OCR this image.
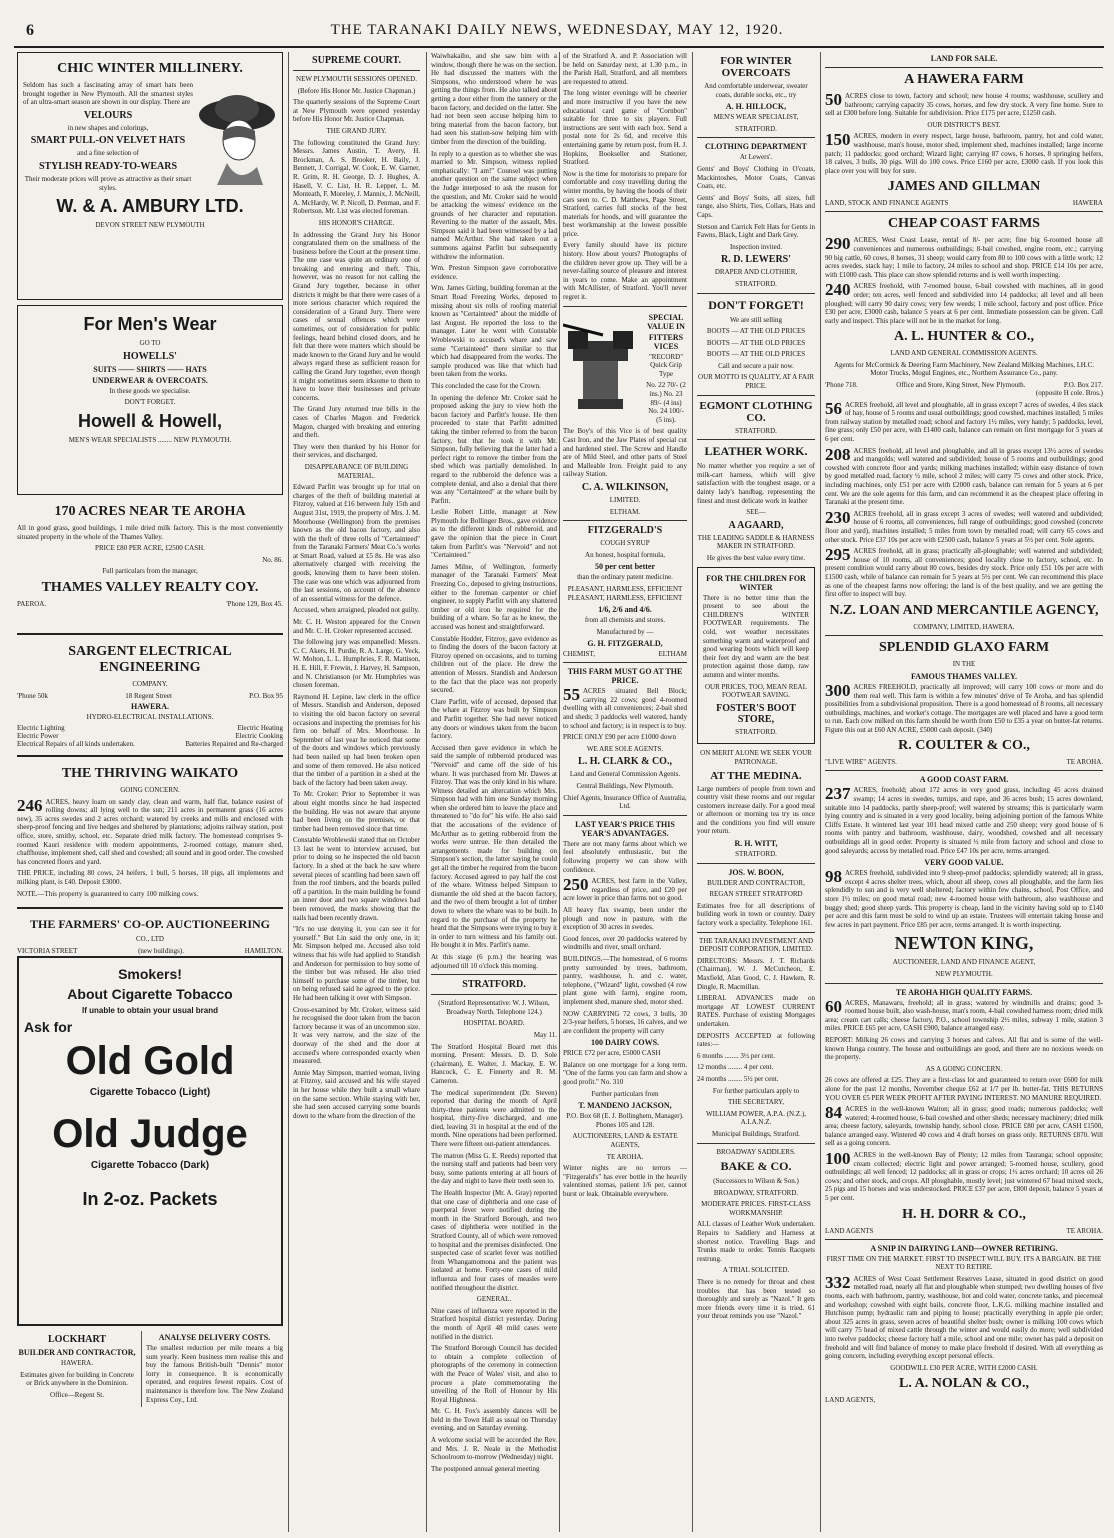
6	THE TARANAKI DAILY NEWS, WEDNESDAY, MAY 12, 1920.
CHIC WINTER MILLINERY.
Seldom has such a fascinating array of smart hats been brought together in New Plymouth. All the smartest styles of an ultra-smart season are shown in our display. There are
VELOURS
in new shapes and colorings,
SMART PULL-ON VELVET HATS
and a fine selection of
STYLISH READY-TO-WEARS
Their moderate prices will prove as attractive as their smart styles.
W. & A. AMBURY LTD.
DEVON STREET NEW PLYMOUTH
For Men's Wear
GO TO
HOWELLS'
SUITS —— SHIRTS —— HATS
UNDERWEAR & OVERCOATS.
In these goods we specialise.
DON'T FORGET.
Howell & Howell,
MEN'S WEAR SPECIALISTS ........ NEW PLYMOUTH.
170 ACRES NEAR TE AROHA
All in good grass, good buildings, 1 mile dried milk factory. This is the most conveniently situated property in the whole of the Thames Valley.
PRICE £80 PER ACRE, £2500 CASH.
No. 86.
Full particulars from the manager,
THAMES VALLEY REALTY COY.
PAEROA.	'Phone 129, Box 45.
SARGENT ELECTRICAL ENGINEERING
COMPANY.
'Phone 50k	18 Regent Street	P.O. Box 95
HAWERA.
HYDRO-ELECTRICAL INSTALLATIONS.
Electric Lighting	Electric Heating
Electric Power	Electric Cooking
Electrical Repairs of all kinds undertaken.	Batteries Repaired and Re-charged
THE THRIVING WAIKATO
GOING CONCERN.
246 ACRES, heavy loam on sandy clay, clean and warm, half flat, balance easiest of rolling downs; all lying well to the sun; 211 acres in permanent grass (16 acres new), 35 acres swedes and 2 acres orchard; watered by creeks and mills and enclosed with sheep-proof fencing and live hedges and sheltered by plantations; adjoins railway station, post office, store, smithy, school, etc. Separate dried milk factory. The homestead comprises 9-roomed Kauri residence with modern appointments, 2-roomed cottage, manure shed, chaffhouse, implement shed, calf shed and cowshed; all sound and in good order. The cowshed has concreted floors and yard.
THE PRICE, including 80 cows, 24 heifers, 1 bull, 5 horses, 18 pigs, all implements and milking plant, is £40. Deposit £3000.
NOTE.—This property is guaranteed to carry 100 milking cows.
THE FARMERS' CO-OP. AUCTIONEERING
CO., LTD
VICTORIA STREET	(new buildings).	HAMILTON.
Smokers!
About Cigarette Tobacco
If unable to obtain your usual brand
Ask for
Old Gold
Cigarette Tobacco (Light)
Old Judge
Cigarette Tobacco (Dark)
In 2-oz. Packets
LOCKHART
BUILDER AND CONTRACTOR,
HAWERA.
Estimates given for building in Concrete or Brick anywhere in the Dominion.
Office—Regent St.
ANALYSE DELIVERY COSTS.
The smallest reduction per mile means a big sum yearly. Keen business men realise this and buy the famous British-built "Dennis" motor lorry in consequence. It is economically operated, and requires fewest repairs. Cost of maintenance is therefore low. The New Zealand Express Coy., Ltd.
SUPREME COURT.
NEW PLYMOUTH SESSIONS OPENED.
(Before His Honor Mr. Justice Chapman.)
The quarterly sessions of the Supreme Court at New Plymouth were opened yesterday before His Honor Mr. Justice Chapman.
THE GRAND JURY.
The following constituted the Grand Jury: Messrs. James Austin, T. Avery, H. Brockman, A. S. Brooker, H. Baily, J. Bennett, J. Corrigal, W. Cook, E. W. Garner, R. Grim, R. H. George, D. J. Hughes, A. Hasell, V. C. List, H. R. Lepper, L. M. Monteath, F. Moreley, J. Mannix, J. McNeill, A. McHardy, W. P. Nicoll, D. Penman, and F. Robertson. Mr. List was elected foreman.
HIS HONOR'S CHARGE.
In addressing the Grand Jury his Honor congratulated them on the smallness of the business before the Court at the present time. The one case was quite an ordinary one of breaking and entering and theft. This, however, was no reason for not calling the Grand Jury together, because in other districts it might be that there were cases of a more serious character which required the consideration of a Grand Jury. There were cases of sexual offences which were sometimes, out of consideration for public feelings, heard behind closed doors, and he felt that there were matters which should be made known to the Grand Jury and he would always regard these as sufficient reason for calling the Grand Jury together, even though it might sometimes seem irksome to them to have to leave their businesses and private concerns.
The Grand Jury returned true bills in the cases of Charles Magon and Frederick Magon, charged with breaking and entering and theft.
They were then thanked by his Honor for their services, and discharged.
DISAPPEARANCE OF BUILDING MATERIAL.
Edward Parfitt was brought up for trial on charges of the theft of building material at Fitzroy, valued at £16 between July 15th and August 31st, 1919, the property of Mrs. J. M. Moorhouse (Wellington) from the premises known as the old bacon factory, and also with the theft of three rolls of "Certainteed" from the Taranaki Farmers' Meat Co.'s works at Smart Road, valued at £5 8s. He was also alternatively charged with receiving the goods, knowing them to have been stolen. The case was one which was adjourned from the last sessions, on account of the absence of an essential witness for the defence.
Accused, when arraigned, pleaded not guilty.
Mr. C. H. Weston appeared for the Crown and Mr. C. H. Croker represented accused.
The following jury was empanelled: Messrs. C. C. Akers, H. Purdie, R. A. Large, G. Veck, W. Molton, L. L. Humphries, F. R. Mattison, H. E. Hill, F. Frewin, J. Harvey, H. Sampson, and N. Christianson (or Mr. Humphries was chosen foreman.
Raymond H. Lepine, law clerk in the office of Messrs. Standish and Anderson, deposed to visiting the old bacon factory on several occasions and inspecting the premises for his firm on behalf of Mrs. Moorhouse. In September of last year he noticed that some of the doors and windows which previously had been nailed up had been broken open and some of them removed. He also noticed that the timber of a partition in a shed at the back of the factory had been taken away.
To Mr. Croker: Prior to September it was about eight months since he had inspected the building. He was not aware that anyone had been living on the premises, or that timber had been removed since that time.
Constable Wroblewski stated that on October 13 last he went to interview accused, but prior to doing so he inspected the old bacon factory. In a shed at the back he saw where several pieces of scantling had been sawn off from the roof timbers, and the boards pulled off a partition. In the main building he found an inner door and two square windows had been removed, the marks showing that the nails had been recently drawn.
"It's no use denying it, you can see it for yourself." But Lin said the only one, in it; Mr. Simpson helped me. Accused also told witness that his wife had applied to Standish and Anderson for permission to buy some of the timber but was refused. He also tried himself to purchase some of the timber, but on being refused said he agreed to the price. He had been talking it over with Simpson.
Cross-examined by Mr. Croker, witness said he recognised the door taken from the bacon factory because it was of an uncommon size. It was very narrow, and the size of the doorway of the shed and the door at accused's where corresponded exactly when measured.
Annie May Simpson, married woman, living at Fitzroy, said accused and his wife stayed in her house while they built a small whare on the same section. While staying with her, she had seen accused carrying some boards down to the whare from the direction of the
Waiwhakaiho, and she saw him with a window, though there he was on the section. He had discussed the matters with the Simpsons, who understood where he was getting the things from. He also talked about getting a door either from the tannery or the bacon factory, and decided on the latter. She had not been seen accuse helping him to bring material from the bacon factory, but had seen his station-sow helping him with timber from the direction of the building.
In reply to a question as to whether she was married to Mr. Simpson, witness replied emphatically: "I am!" Counsel was putting another question on the same subject when the Judge interposed to ask the reason for the question, and Mr. Croker said he would be attacking the witness' evidence on the grounds of her character and reputation. Reverting to the matter of the assault, Mrs. Simpson said it had been witnessed by a lad named McArthur. She had taken out a summons against Parfitt but subsequently withdrew the information.
Wm. Preston Simpson gave corroborative evidence.
Wm. James Girling, building foreman at the Smart Road Freezing Works, deposed to missing about six rolls of roofing material known as "Certainteed" about the middle of last August. He reported the loss to the manager. Later he went with Constable Wroblewski to accused's whare and saw some "Certainteed" there similar to that which had disappeared from the works. The sample produced was like that which had been taken from the works.
This concluded the case for the Crown.
In opening the defence Mr. Croker said he proposed asking the jury to view both the bacon factory and Parfitt's house. He then proceeded to state that Parfitt admitted taking the timber referred to from the bacon factory, but that he took it with Mr. Simpson, fully believing that the latter had a perfect right to remove the timber from the shed which was partially demolished. In regard to the rubberoid the defence was a complete denial, and also a denial that there was any "Certainteed" at the whare built by Parfitt.
Leslie Robert Little, manager at New Plymouth for Bollinger Bros., gave evidence as to the different kinds of rubberoid, and gave the opinion that the piece in Court taken from Parfitt's was "Nervoid" and not "Certainteed."
James Milne, of Wellington, formerly manager of the Taranaki Farmers' Meat Freezing Co., deposed to giving instructions, either to the foreman carpenter or chief engineer, to supply Parfitt with any shattered timber or old iron he required for the building of a whare. So far as he knew, the accused was honest and straightforward.
Constable Hodder, Fitzroy, gave evidence as to finding the doors of the bacon factory at Fitzroy opened on occasions, and to turning children out of the place. He drew the attention of Messrs. Standish and Anderson to the fact that the place was not properly secured.
Clare Parfitt, wife of accused, deposed that the whare at Fitzroy was built by Simpson and Parfitt together. She had never noticed any doors or windows taken from the bacon factory.
Accused then gave evidence in which he said the sample of rubberoid produced was "Nervoid" and came off the side of his whare. It was purchased from Mr. Dawes at Fitzroy. That was the only kind in his whare. Witness detailed an altercation which Mrs. Simpson had with him one Sunday morning when she ordered him to leave the place and threatened to "do for" his wife. He also said that the accusations of the evidence of McArthur as to getting rubberoid from the works were untrue. He then detailed the arrangements made for building on Simpson's section, the latter saying he could get all the timber he required from the bacon factory. Accused agreed to pay half the cost of the whare. Witness helped Simpson to dismantle the old shed at the bacon factory, and the two of them brought a lot of timber down to where the whare was to be built. In regard to the purchase of the property he heard that the Simpsons were trying to buy it in order to turn witness and his family out. He bought it in Mrs. Parfitt's name.
At this stage (6 p.m.) the hearing was adjourned till 10 o'clock this morning.
STRATFORD.
(Stratford Representative: W. J. Wilson, Broadway North. Telephone 124.)
HOSPITAL BOARD.
May 11.
The Stratford Hospital Board met this morning. Present: Messrs. D. D. Sole (chairman), E. Walter, J. Mackay, E. W. Hancock, C. E. Finnerty and R. M. Cameron.
The medical superintendent (Dr. Steven) reported that during the month of April thirty-three patients were admitted to the hospital, thirty-five discharged, and one died, leaving 31 in hospital at the end of the month. Nine operations had been performed. There were fifteen out-patient attendances.
The matron (Miss G. E. Reeds) reported that the nursing staff and patients had been very busy, some patients entering at all hours of the day and night to have their teeth seen to.
The Health Inspector (Mr. A. Gray) reported that one case of diphtheria and one case of puerperal fever were notified during the month in the Stratford Borough, and two cases of diphtheria were notified in the Stratford County, all of which were removed to hospital and the premises disinfected. One suspected case of scarlet fever was notified from Whangamomona and the patient was isolated at home. Forty-one cases of mild influenza and four cases of measles were notified throughout the district.
GENERAL.
Nine cases of influenza were reported in the Stratford hospital district yesterday. During the month of April 48 mild cases were notified in the district.
The Stratford Borough Council has decided to obtain a complete collection of photographs of the ceremony in connection with the Peace of Wales' visit, and also to procure a plate commemorating the unveiling of the Roll of Honour by His Royal Highness.
Mr. C. H. Fox's assembly dances will be held in the Town Hall as usual on Thursday evening, and on Saturday evening.
A welcome social will be accorded the Rev. and Mrs. J. R. Neale in the Methodist Schoolroom to-morrow (Wednesday) night.
The postponed annual general meeting
of the Stratford A. and P. Association will be held on Saturday next, at 1.30 p.m., in the Parish Hall, Stratford, and all members are requested to attend.
The long winter evenings will be cheerier and more instructive if you have the new educational card game of "Cornbon" suitable for three to six players. Full instructions are sent with each box. Send a postal note for 2s 6d, and receive this entertaining game by return post, from H. J. Hopkins, Bookseller and Stationer, Stratford.
Now is the time for motorists to prepare for comfortable and cosy travelling during the winter months, by having the hoods of their cars seen to. C. D. Matthews, Page Street, Stratford, carries full stocks of the best materials for hoods, and will guarantee the best workmanship at the lowest possible price.
Every family should have its picture history. How about yours? Photographs of the children never grow up. They will be a never-failing source of pleasure and interest in years to come. Make an appointment with McAllister, of Stratford. You'll never regret it.
SPECIAL VALUE IN
FITTERS VICES
"RECORD" Quick Grip Type
No. 22 70/- (2 ins.) No. 23 89/- (4 ins) No. 24 100/- (5 ins).
The Boy's of this Vice is of best quality Cast Iron, and the Jaw Plates of special cut and hardened steel. The Screw and Handle are of Mild Steel, and other parts of Steel and Malleable Iron. Freight paid to any railway Station.
C. A. WILKINSON,
LIMITED.
ELTHAM.
FITZGERALD'S
COUGH SYRUP
An honest, hospital formula,
50 per cent better
than the ordinary patent medicine.
PLEASANT, HARMLESS, EFFICIENT PLEASANT, HARMLESS, EFFICIENT
1/6, 2/6 and 4/6.
from all chemists and stores.
Manufactured by —
G. H. FITZGERALD,
CHEMIST,	ELTHAM
THIS FARM MUST GO AT THE PRICE.
55 ACRES situated Bell Block; carrying 22 cows; good 4-roomed dwelling with all conveniences; 2-bail shed and sheds; 3 paddocks well watered, handy to school and factory; is in respect is to buy.
PRICE ONLY £90 per acre £1000 down
WE ARE SOLE AGENTS.
L. H. CLARK & CO.,
Land and General Commission Agents.
Central Buildings, New Plymouth.
Chief Agents, Insurance Office of Australia, Ltd.
LAST YEAR'S PRICE THIS YEAR'S ADVANTAGES.
There are not many farms about which we feel absolutely enthusiastic, but the following property we can show with confidence.
250 ACRES, best farm in the Valley, regardless of price, and £20 per acre lower in price than farms not so good.
All heavy flax swamp, been under the plough and now in pasture, with the exception of 30 acres in swedes.
Good fences, over 20 paddocks watered by windmills and river, small orchard.
BUILDINGS.—The homestead, of 6 rooms pretty surrounded by trees, bathroom, pantry, washhouse, h. and c. water, telephone, ("Wizard" light, cowshed (4 row plant gone with farm), engine room, implement shed, manure shed, motor shed.
NOW CARRYING 72 cows, 3 bulls, 30 2/3-year heifers, 5 horses, 16 calves, and we are confident the property will carry
100 DAIRY COWS.
PRICE £72 per acre, £5000 CASH
Balance on one mortgage for a long term. "One of the farms you can farm and show a good profit." No. 310
Further particulars from
T. MANDENO JACKSON,
P.O. Box 68 (E. J. Bollinghem, Manager). Phones 105 and 128.
AUCTIONEERS, LAND & ESTATE AGENTS,
TE AROHA.
Winter nights are no terrors — "Fitzgerald's" has ever bottle in the heavily valentined stomas, patient 1/6 per, cannot burst or leak. Obtainable everywhere.
FOR WINTER OVERCOATS
And comfortable underwear, sweater coats, durable socks, etc., try
A. H. HILLOCK,
MEN'S WEAR SPECIALIST,
STRATFORD.
CLOTHING DEPARTMENT
At Lewers'.
Gents' and Boys' Clothing in O'coats, Mackintoshes, Motor Coats, Canvas Coats, etc.
Gents' and Boys' Suits, all sizes, full range, also Shirts, Ties, Collars, Hats and Caps.
Stetson and Carrick Felt Hats for Gents in Fawns, Black, Light and Dark Grey.
Inspection invited.
R. D. LEWERS'
DRAPER AND CLOTHIER,
STRATFORD.
DON'T FORGET!
We are still selling
BOOTS — AT THE OLD PRICES
BOOTS — AT THE OLD PRICES
BOOTS — AT THE OLD PRICES
Call and secure a pair now.
OUR MOTTO IS QUALITY, AT A FAIR PRICE.
EGMONT CLOTHING CO.
STRATFORD.
LEATHER WORK.
No matter whether you require a set of milk-cart harness, which will give satisfaction with the toughest usage, or a dainty lady's handbag, representing the finest and most delicate work in leather
SEE—
A AGAARD,
THE LEADING SADDLE & HARNESS MAKER IN STRATFORD.
He gives the best value every time.
FOR THE CHILDREN FOR WINTER
There is no better time than the present to see about the CHILDREN'S WINTER FOOTWEAR requirements. The cold, wet weather necessitates something warm and waterproof and good wearing boots which will keep their feet dry and warm are the best protection against those damp, raw autumn and winter months.
OUR PRICES, TOO, MEAN REAL FOOTWEAR SAVING.
FOSTER'S BOOT STORE,
STRATFORD.
ON MERIT ALONE WE SEEK YOUR PATRONAGE.
AT THE MEDINA.
Large numbers of people from town and country visit these rooms and our regular customers increase daily. For a good meal or afternoon or morning tea try us once and the conditions you find will ensure your return.
R. H. WITT,
STRATFORD.
JOS. W. BOON,
BUILDER AND CONTRACTOR,
REGAN STREET STRATFORD
Estimates free for all descriptions of building work in town or country. Dairy factory work a speciality. Telephone 161.
THE TARANAKI INVESTMENT AND DEPOSIT CORPORATION, LIMITED.
DIRECTORS: Messrs. J. T. Richards (Chairman), W. J. McCutcheon, E. Maxfield, Alan Good, C. J. Hawken, R. Dingle, R. Macmillan.
LIBERAL ADVANCES made on mortgage AT LOWEST CURRENT RATES. Purchase of existing Mortgages undertaken.
DEPOSITS ACCEPTED at following rates:—
6 months ........ 3½ per cent.
12 months ........ 4 per cent.
24 months ........ 5½ per cent.
For further particulars apply to
THE SECRETARY,
WILLIAM POWER, A.P.A. (N.Z.), A.I.A.N.Z.
Municipal Buildings, Stratford.
BROADWAY SADDLERS.
BAKE & CO.
(Successors to Wilson & Son.)
BROADWAY, STRATFORD.
MODERATE PRICES. FIRST-CLASS WORKMANSHIP.
ALL classes of Leather Work undertaken. Repairs to Saddlery and Harness at shortest notice. Travelling Bags and Trunks made to order. Tennis Racquets restrung.
A TRIAL SOLICITED.
There is no remedy for throat and chest troubles that has been tested so thoroughly and surely as "Nazol." It gets more friends every time it is tried. 61 your throat reminds you use "Nazol."
LAND FOR SALE.
A HAWERA FARM
50 ACRES close to town, factory and school; new house 4 rooms; washhouse, scullery and bathroom; carrying capacity 35 cows, horses, and few dry stock. A very fine home. Sure to sell at £300 before long. Suitable for subdivision. Price £175 per acre, £1250 cash.
OUR DISTRICT'S BEST.
150 ACRES, modern in every respect, large house, bathroom, pantry, hot and cold water, washhouse, man's house, motor shed, implement shed, machines installed; large incerne patch; 11 paddocks; good orchard; Wizard light; carrying 87 cows, 6 horses, 8 springing heifers, 18 calves, 3 bulls, 30 pigs. Will do 100 cows. Price £160 per acre, £3000 cash. If you look this place over you will buy for sure.
JAMES AND GILLMAN
LAND, STOCK AND FINANCE AGENTS	HAWERA
CHEAP COAST FARMS
290 ACRES, West Coast Lease, rental of 8/- per acre; fine big 6-roomed house all conveniences and numerous outbuildings; 8-bail cowshed, engine room, etc.; carrying 90 big cattle, 60 cows, 8 horses, 31 sheep; would carry from 80 to 100 cows with a little work; 12 acres swedes, stack hay; 1 mile to factory, 24 miles to school and shop. PRICE £14 10s per acre, with £1000 cash. This place can show splendid returns and is well worth inspecting.
240 ACRES freehold, with 7-roomed house, 6-bail cowshed with machines, all in good order; ten acres, well fenced and subdivided into 14 paddocks; all level and all been ploughed; will carry 90 dairy cows; very few weeds; 1 mile school, factory and post office. Price £30 per acre, £3000 cash, balance 5 years at 6 per cent. Immediate possession can be given. Call early and inspect. This place will not be in the market for long.
A. L. HUNTER & CO.,
LAND AND GENERAL COMMISSION AGENTS.
Agents for McCormick & Deering Farm Machinery, New Zealand Milking Machines, I.H.C. Motor Trucks, Mogul Engines, etc., Northern Assurance Co., pany.
'Phone 718.	Office and Store, King Street, New Plymouth.	P.O. Box 217.
(opposite H cole. Bros.)
56 ACRES freehold, all level and ploughable, all in grass except 7 acres of swedes, 4 iles stack of hay, house of 5 rooms and usual outbuildings; good cowshed, machines installed; 5 miles from railway station by metalled road; school and factory 1½ miles, very handy; 5 paddocks, level, fine grass; only £50 per acre, with £1400 cash, balance can remain on first mortgage for 5 years at 6 per cent.
208 ACRES freehold, all level and ploughable, and all in grass except 13½ acres of swedes and mangolds; well watered and subdivided; house of 5 rooms and outbuildings; good cowshed with concrete floor and yards; milking machines installed; within easy distance of town by good metalled road, factory ½ mile, school 2 miles; will carry 75 cows and other stock. Price, including machines, only £51 per acre with £2000 cash, balance can remain for 5 years at 6 per cent. We are the sole agents for this farm, and can recommend it as the cheapest place offering in Taranaki at the present time.
230 ACRES freehold, all in grass except 3 acres of swedes; well watered and subdivided; house of 6 rooms, all conveniences, full range of outbuildings; good cowshed (concrete floor and yard), machines installed; 5 miles from town by metalled road; will carry 65 cows and other stock. Price £37 10s per acre with £2500 cash, balance 5 years at 5½ per cent. Sole agents.
295 ACRES freehold, all in grass; practically all-ploughable; well watered and subdivided; house of 10 rooms, all conveniences; good locality close to factory, school, etc. In present condition would carry about 80 cows, besides dry stock. Price only £51 10s per acre with £1500 cash, while of balance can remain for 5 years at 5½ per cent. We can recommend this place as one of the cheapest farms now offering; the land is of the best quality, and we are getting the first offer to inspect will buy.
N.Z. LOAN AND MERCANTILE AGENCY,
COMPANY, LIMITED, HAWERA.
SPLENDID GLAXO FARM
IN THE
FAMOUS THAMES VALLEY.
300 ACRES FREEHOLD, practically all improved; will carry 100 cows or more and do them real well. This farm is within a few minutes' drive of Te Aroha, and has splendid possibilities from a subdivisional proposition. There is a good homestead of 8 rooms, all necessary outbuildings, machines, and worker's cottage. The mortgages are well placed and have a good term to run. Each cow milked on this farm should be worth from £50 to £35 a year on butter-fat returns. Figure this out at £60 AN ACRE, £5000 cash deposit. (340)
R. COULTER & CO.,
"LIVE WIRE" AGENTS.	TE AROHA.
A GOOD COAST FARM.
237 ACRES, freehold; about 172 acres in very good grass, including 45 acres drained swamp; 14 acres in swedes, turnips, and rape, and 36 acres bush; 15 acres downland, suitable into 14 paddocks, partly sheep-proof; well watered by streams; this is particularly warm lying country and is situated in a very good locality, being adjoining portion of the famous White Cliffs Estate. It wintered last year 101 head mixed cattle and 250 sheep; very good house of 6 rooms with pantry and bathroom, washhouse, dairy, woodshed, cowshed and all necessary outbuildings all in good order. Property is situated ½ mile from factory and school and close to good saleyards; access by metalled road. Price £47 10s per acre, terms arranged.
VERY GOOD VALUE.
98 ACRES freehold, subdivided into 9 sheep-proof paddocks; splendidly watered; all in grass, except 4 acres shelter trees, which, about all sheep, cows all ploughable, and the farm lies splendidly to sun and is very well sheltered; factory within few chains, school, Post Office, and store 1½ miles; on good metal road; new 4-roomed house with bathroom, also washhouse and buggy shed; good sheep yards. This property is cheap, land in the vicinity having sold up to £140 per acre and this farm must be sold to wind up an estate. Trustees will entertain taking house and few acres in part payment. Price £85 per acre, terms arranged. It is worth inspecting.
NEWTON KING,
AUCTIONEER, LAND AND FINANCE AGENT,
NEW PLYMOUTH.
TE AROHA HIGH QUALITY FARMS.
60 ACRES, Manawaru, freehold; all in grass; watered by windmills and drains; good 3-roomed house built, also wash-house, man's room, 4-bail cowshed harness room; dried milk area; cream cart calls; cheese factory, P.O., school township 2½ miles, subway 1 mile, station 3 miles. PRICE £65 per acre, CASH £900, balance arranged easy.
REPORT: Milking 26 cows and carrying 3 horses and calves. All flat and is some of the well-known Hunga country. The house and outbuildings are good, and there are no noxious weeds on the property.
AS A GOING CONCERN.
26 cows are offered at £25. They are a first-class lot and guaranteed to return over £600 for milk alone for the past 12 months, November cheque £62 at 1/7 per lb. butter-fat. THIS RETURNS YOU OVER £5 PER WEEK PROFIT AFTER PAYING INTEREST. NO MANURE REQUIRED.
84 ACRES in the well-known Waiton; all in grass; good roads; numerous paddocks; well watered; 4-roomed house, 6-bail cowshed and other sheds; necessary machinery; dried milk area; cheese factory, saleyards, township handy, school close. PRICE £80 per acre, CASH £1500, balance arranged easy. Wintered 40 cows and 4 draft horses on grass only. RETURNS £870. Will sell as a going concern.
100 ACRES in the well-known Bay of Plenty; 12 miles from Tauranga; school opposite; cream collected; electric light and power arranged; 5-roomed house, scullery, good outbuildings; all well fenced; 12 paddocks; all in grass or crops; 1½ acres orchard; 10 acres oil 26 cows; and other stock, and crops. All ploughable, mostly level; just wintered 67 head mixed stock, 25 pigs and 15 horses and was understocked. PRICE £37 per acre, £800 deposit, balance 5 years at 5 per cent.
H. H. DORR & CO.,
LAND AGENTS	TE AROHA.
A SNIP IN DAIRYING LAND—OWNER RETIRING.
FIRST TIME ON THE MARKET. FIRST TO INSPECT WILL BUY. ITS A BARGAIN. BE THE NEXT TO RETIRE.
332 ACRES of West Coast Settlement Reserves Lease, situated in good district on good metalled road, nearly all flat and ploughable when stumped; two dwelling houses of five rooms, each with bathroom, pantry, washhouse, hot and cold water, concrete tanks, and piecemeal and workshop; cowshed with eight bails, concrete floor, L.K.G. milking machine installed and Hutchison pump; hydraulic ram and piping to house; practically everything in apple pie order; about 325 acres in grass, seven acres of beautiful shelter bush; owner is milking 100 cows which will carry 75 head of mixed cattle through the winter and would easily do more; well subdivided into twelve paddocks; cheese factory half a mile, school and one mile; owner has paid a deposit on freehold and will find balance of money to make place freehold if desired. With all everything as going concern, including everything except personal effects.
GOODWILL £30 PER ACRE, WITH £2000 CASH.
L. A. NOLAN & CO.,
LAND AGENTS,
